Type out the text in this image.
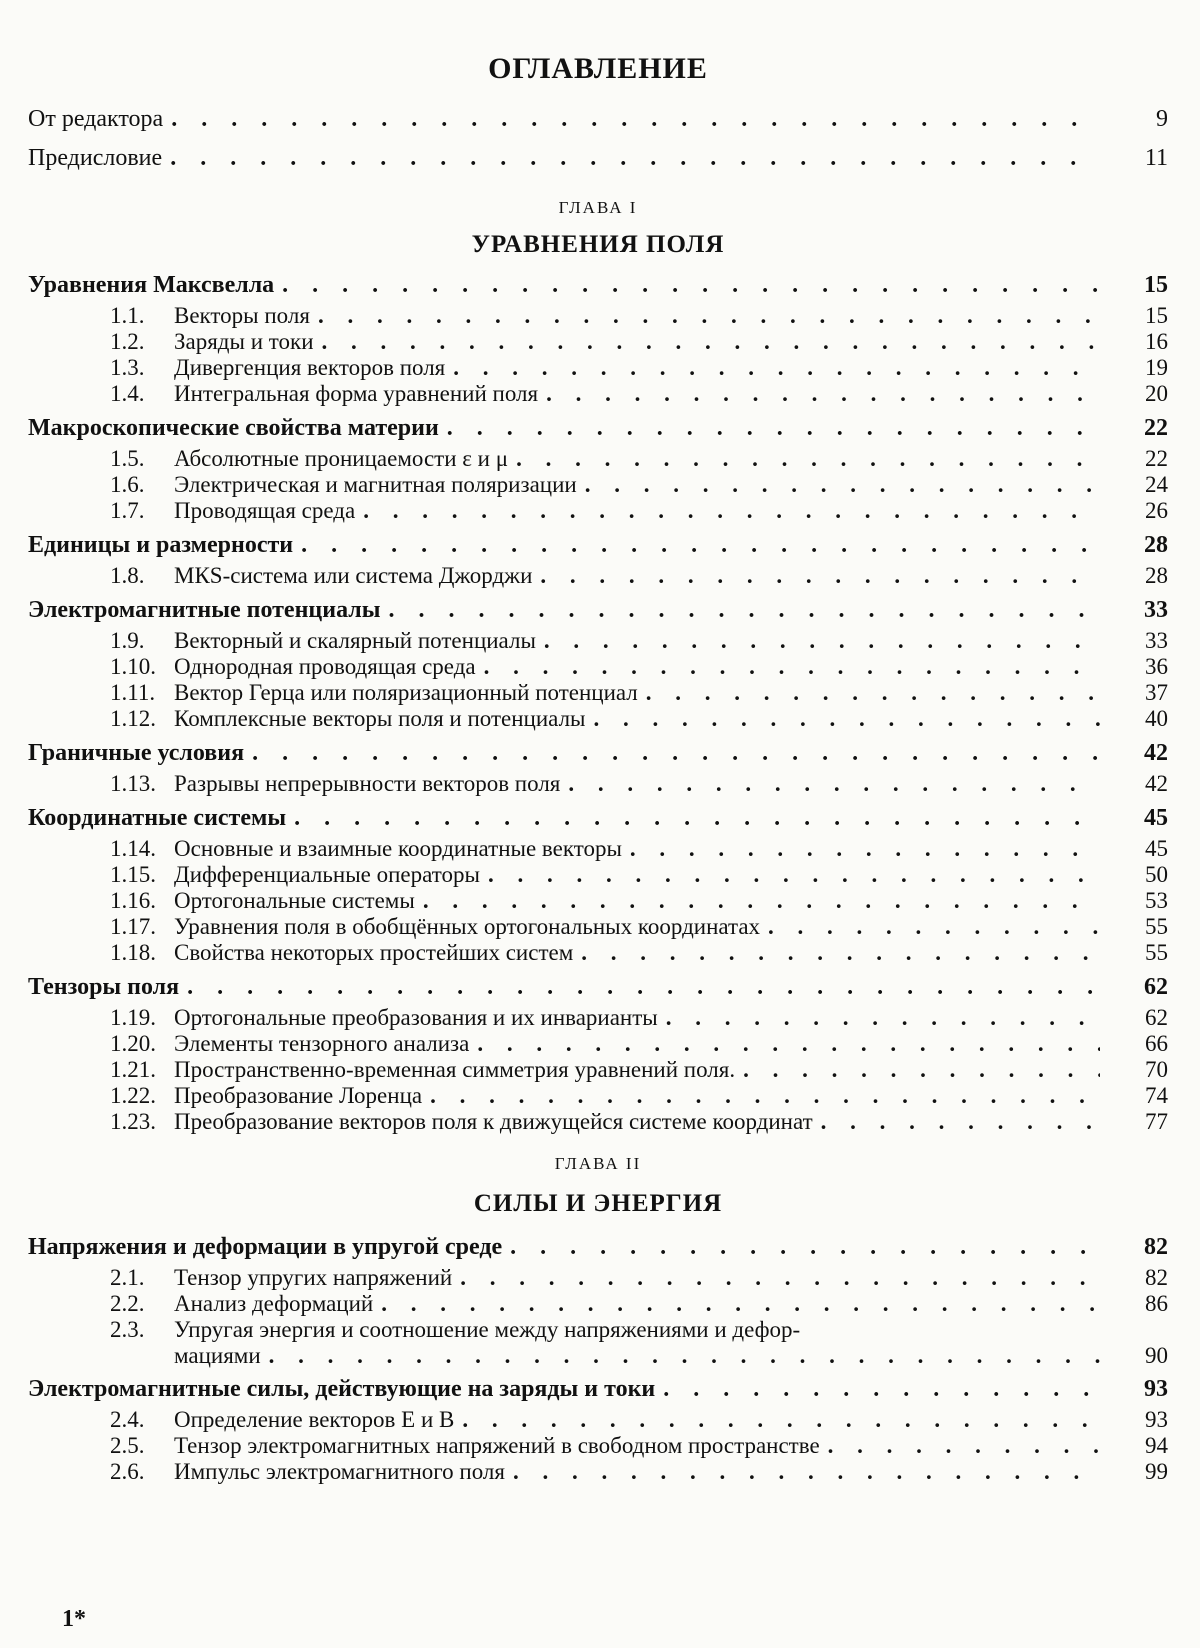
ОГЛАВЛЕНИЕ
От редактора . . .	9
Предисловие . . .	11
ГЛАВА I
УРАВНЕНИЯ ПОЛЯ
Уравнения Максвелла . . .	15
1.1.	Векторы поля . . .	15
1.2.	Заряды и токи . . .	16
1.3.	Дивергенция векторов поля . . .	19
1.4.	Интегральная форма уравнений поля . . .	20
Макроскопические свойства материи . . .	22
1.5.	Абсолютные проницаемости ε и μ . . .	22
1.6.	Электрическая и магнитная поляризации . . .	24
1.7.	Проводящая среда . . .	26
Единицы и размерности . . .	28
1.8.	МКS-система или система Джорджи . . .	28
Электромагнитные потенциалы . . .	33
1.9.	Векторный и скалярный потенциалы . . .	33
1.10. Однородная проводящая среда . . .	36
1.11. Вектор Герца или поляризационный потенциал . . .	37
1.12. Комплексные векторы поля и потенциалы . . .	40
Граничные условия . . .	42
1.13. Разрывы непрерывности векторов поля . . .	42
Координатные системы . . .	45
1.14. Основные и взаимные координатные векторы . . .	45
1.15. Дифференциальные операторы . . .	50
1.16. Ортогональные системы . . .	53
1.17. Уравнения поля в обобщённых ортогональных координатах . . .	55
1.18. Свойства некоторых простейших систем . . .	55
Тензоры поля . . .	62
1.19. Ортогональные преобразования и их инварианты . . .	62
1.20. Элементы тензорного анализа . . .	66
1.21. Пространственно-временная симметрия уравнений поля. . . .	70
1.22. Преобразование Лоренца . . .	74
1.23. Преобразование векторов поля к движущейся системе координат . . .	77
ГЛАВА II
СИЛЫ И ЭНЕРГИЯ
Напряжения и деформации в упругой среде . . .	82
2.1.	Тензор упругих напряжений . . .	82
2.2.	Анализ деформаций . . .	86
2.3.	Упругая энергия и соотношение между напряжениями и дефор-
мациями . . .	90
Электромагнитные силы, действующие на заряды и токи . . .	93
2.4.	Определение векторов Е и В . . .	93
2.5.	Тензор электромагнитных напряжений в свободном пространстве . . .	94
2.6.	Импульс электромагнитного поля . . .	99
1*
